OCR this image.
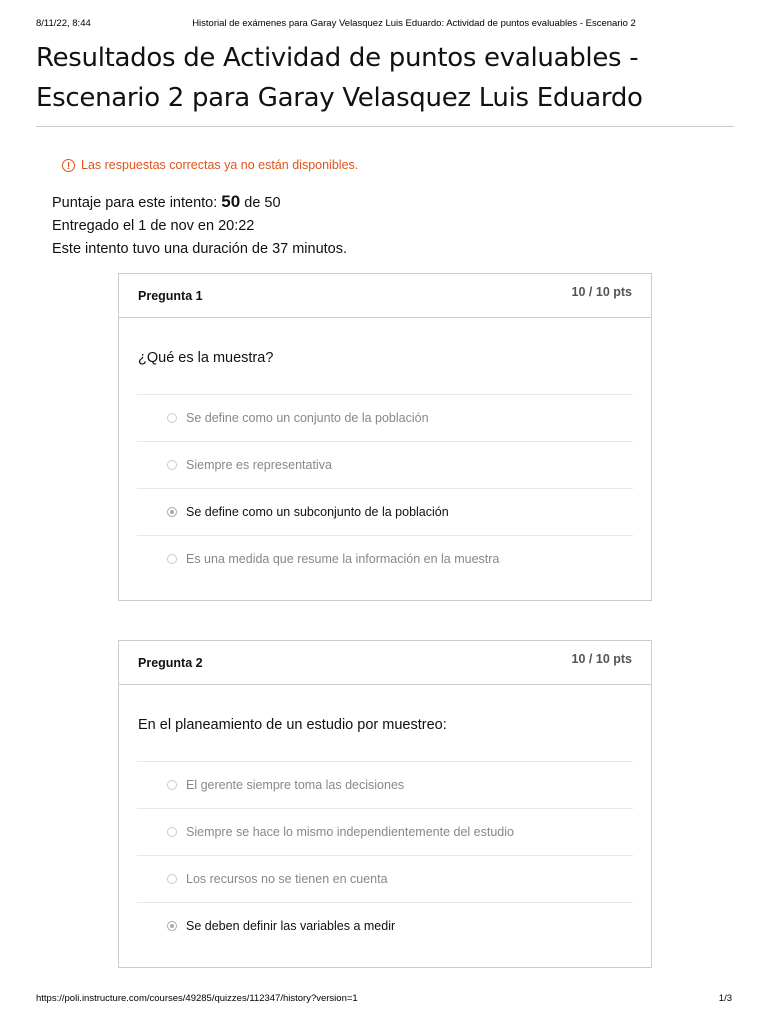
8/11/22, 8:44	Historial de exámenes para Garay Velasquez Luis Eduardo: Actividad de puntos evaluables - Escenario 2
Resultados de Actividad de puntos evaluables -
Escenario 2 para Garay Velasquez Luis Eduardo
! Las respuestas correctas ya no están disponibles.
Puntaje para este intento: 50 de 50
Entregado el 1 de nov en 20:22
Este intento tuvo una duración de 37 minutos.
Pregunta 1	10 / 10 pts
¿Qué es la muestra?
Se define como un conjunto de la población
Siempre es representativa
Se define como un subconjunto de la población
Es una medida que resume la información en la muestra
Pregunta 2	10 / 10 pts
En el planeamiento de un estudio por muestreo:
El gerente siempre toma las decisiones
Siempre se hace lo mismo independientemente del estudio
Los recursos no se tienen en cuenta
Se deben definir las variables a medir
https://poli.instructure.com/courses/49285/quizzes/112347/history?version=1	1/3
